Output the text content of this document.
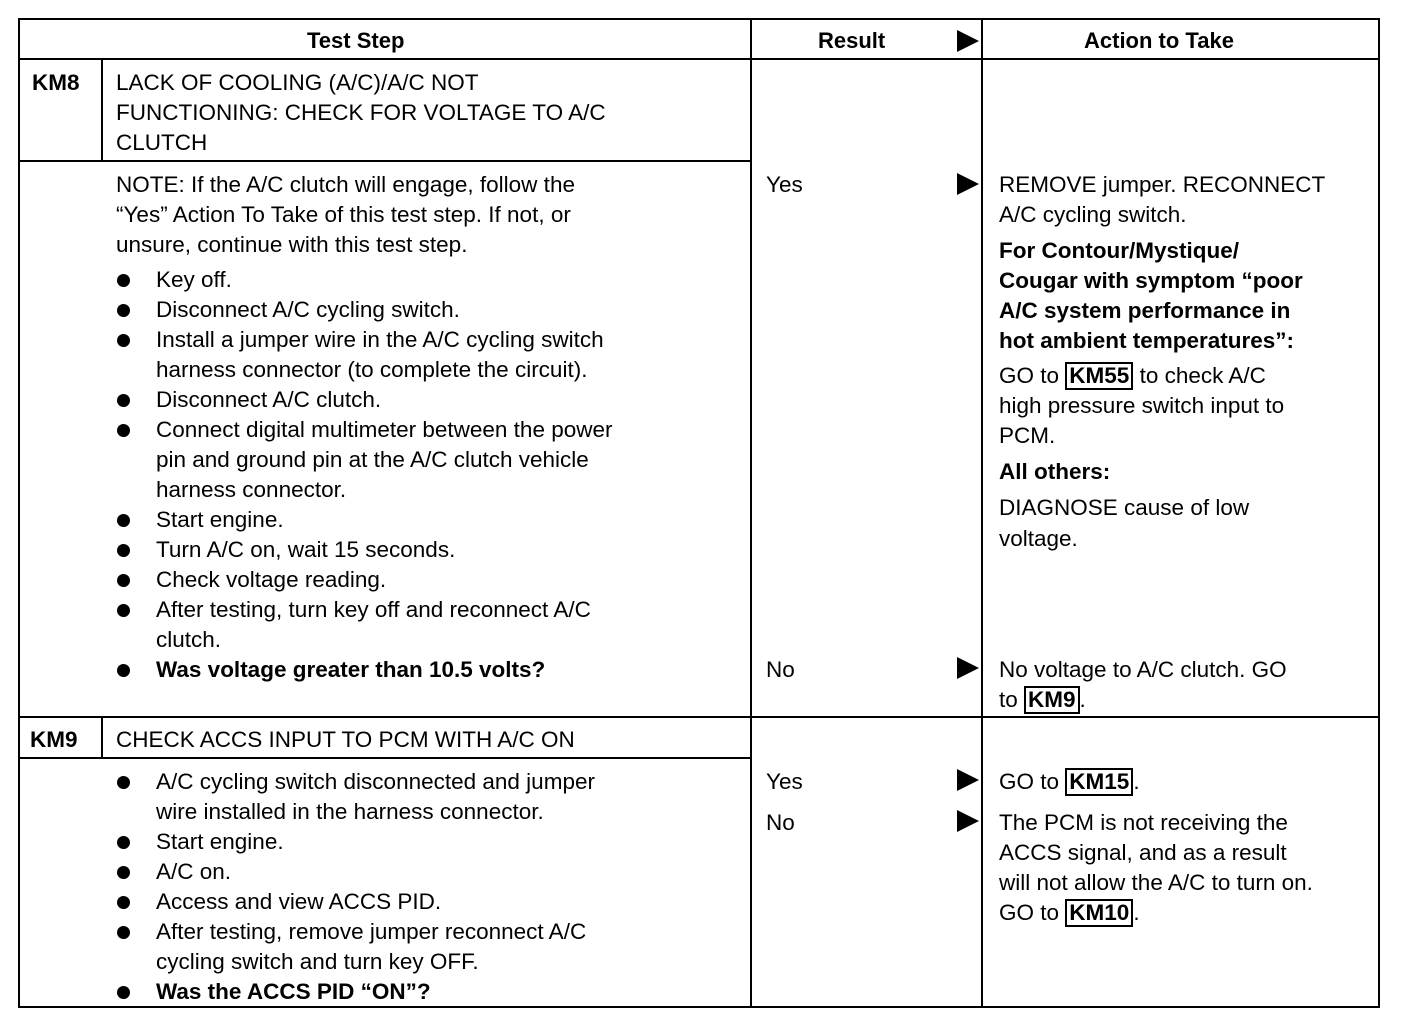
Test Step	Result	Action to Take
KM8 LACK OF COOLING (A/C)/A/C NOT
FUNCTIONING: CHECK FOR VOLTAGE TO A/C
CLUTCH
NOTE: If the A/C clutch will engage, follow the
“Yes” Action To Take of this test step. If not, or
unsure, continue with this test step.
Key off.
Disconnect A/C cycling switch.
Install a jumper wire in the A/C cycling switch
harness connector (to complete the circuit).
Disconnect A/C clutch.
Connect digital multimeter between the power
pin and ground pin at the A/C clutch vehicle
harness connector.
Start engine.
Turn A/C on, wait 15 seconds.
Check voltage reading.
After testing, turn key off and reconnect A/C
clutch.
Was voltage greater than 10.5 volts?
Yes
No
REMOVE jumper. RECONNECT
A/C cycling switch.
For Contour/Mystique/
Cougar with symptom “poor
A/C system performance in
hot ambient temperatures”:
GO to KM55 to check A/C
high pressure switch input to
PCM.
All others:
DIAGNOSE cause of low
voltage.
No voltage to A/C clutch. GO
to KM9 .
KM9 CHECK ACCS INPUT TO PCM WITH A/C ON
A/C cycling switch disconnected and jumper
wire installed in the harness connector.
Start engine.
A/C on.
Access and view ACCS PID.
After testing, remove jumper reconnect A/C
cycling switch and turn key OFF.
Was the ACCS PID “ON”?
Yes
No
GO to KM15 .
The PCM is not receiving the
ACCS signal, and as a result
will not allow the A/C to turn on.
GO to KM10 .
